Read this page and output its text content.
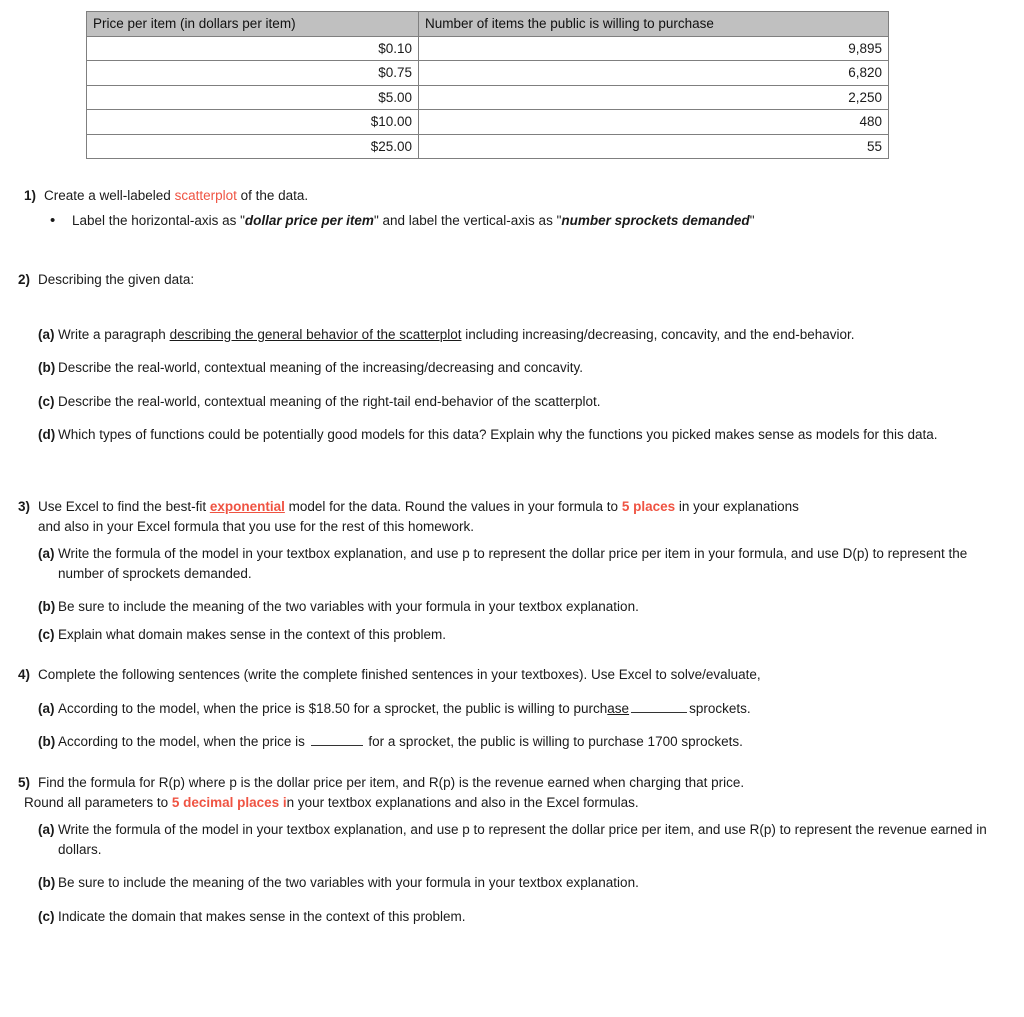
Price per item (in dollars per item)	Number of items the public is willing to purchase
$0.10	9,895
$0.75	6,820
$5.00	2,250
$10.00	480
$25.00	55
1) Create a well-labeled scatterplot of the data.
• Label the horizontal-axis as "dollar price per item" and label the vertical-axis as "number sprockets demanded"
2) Describing the given data:
(a) Write a paragraph describing the general behavior of the scatterplot including increasing/decreasing, concavity, and the end-behavior.
(b) Describe the real-world, contextual meaning of the increasing/decreasing and concavity.
(c) Describe the real-world, contextual meaning of the right-tail end-behavior of the scatterplot.
(d) Which types of functions could be potentially good models for this data? Explain why the functions you picked makes sense as models for this data.
3) Use Excel to find the best-fit exponential model for the data. Round the values in your formula to 5 places in your explanations
and also in your Excel formula that you use for the rest of this homework.
(a) Write the formula of the model in your textbox explanation, and use p to represent the dollar price per item in your formula, and use D(p) to represent the number of sprockets demanded.
(b) Be sure to include the meaning of the two variables with your formula in your textbox explanation.
(c) Explain what domain makes sense in the context of this problem.
4) Complete the following sentences (write the complete finished sentences in your textboxes). Use Excel to solve/evaluate,
(a) According to the model, when the price is $18.50 for a sprocket, the public is willing to purchase	sprockets.
(b) According to the model, when the price is	for a sprocket, the public is willing to purchase 1700 sprockets.
5) Find the formula for R(p) where p is the dollar price per item, and R(p) is the revenue earned when charging that price.
Round all parameters to 5 decimal places in your textbox explanations and also in the Excel formulas.
(a) Write the formula of the model in your textbox explanation, and use p to represent the dollar price per item, and use R(p) to represent the revenue earned in dollars.
(b) Be sure to include the meaning of the two variables with your formula in your textbox explanation.
(c) Indicate the domain that makes sense in the context of this problem.
